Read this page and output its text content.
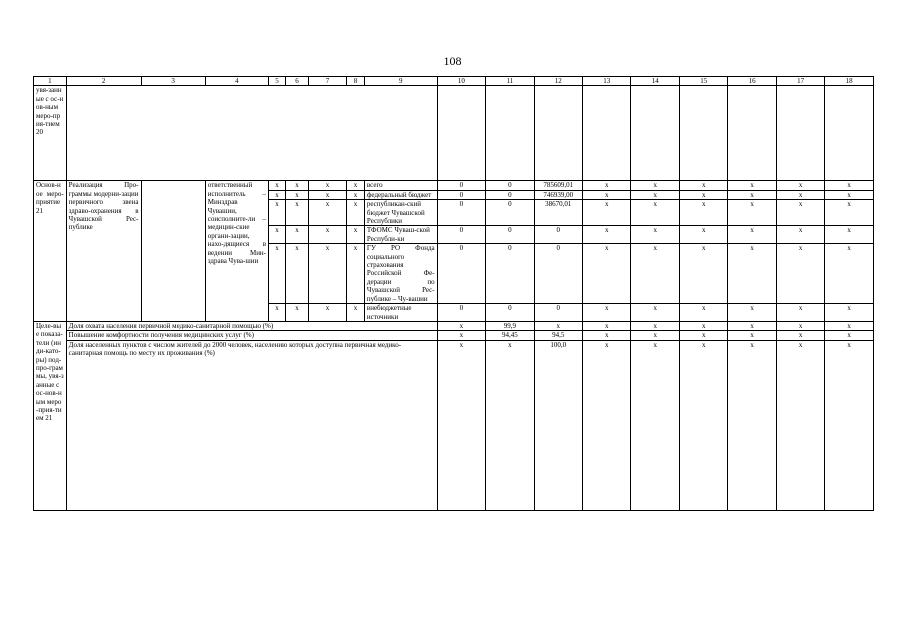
108
1	2	3	4	5	6	7	8	9	10	11	12	13	14	15	16	17	18
увя-занные с ос-нов-ным меро-прия-тием 20																	
Основ-ное меро-приятие 21	Реализация Про-граммы модерни-зации первичного звена здраво-охранения в Чувашской Рес-публике		ответственный исполнитель – Минздрав Чувашии, соисполните-ли – медицин-ские органи-зации, нахо-дящиеся в ведении Мин-здрава Чува-шии	x	x	x	x	всего	0	0	785609,01	x	x	x	x	x	x
				x	x	x	x	федеральный бюджет	0	0	746939,00	x	x	x	x	x	x
				x	x	x	x	республикан-ский бюджет Чувашской Республики	0	0	38670,01	x	x	x	x	x	x
				x	x	x	x	ТФОМС Чуваш-ской Республи-ки	0	0	0	x	x	x	x	x	x
				x	x	x	x	ГУ РО Фонда социального страхования Российской Фе-дерации по Чувашской Рес-публике – Чу-вашии	0	0	0	x	x	x	x	x	x
				x	x	x	x	внебюджетные источники	0	0	0	x	x	x	x	x	x
Целе-вые показа-тели (инди-като-ры) под-про-граммы, увя-занные с ос-нов-ным меро-прия-тием 21	Доля охвата населения первичной медико-санитарной помощью (%)								x	99,9	x	x	x	x	x	x	x
	Повышение комфортности получения медицинских услуг (%)								x	94,45	94,5	x	x	x	x	x	x
	Доля населенных пунктов с числом жителей до 2000 человек, населению которых доступна первичная медико-санитарная помощь по месту их проживания (%)								x	x	100,0	x	x	x	x	x	x
